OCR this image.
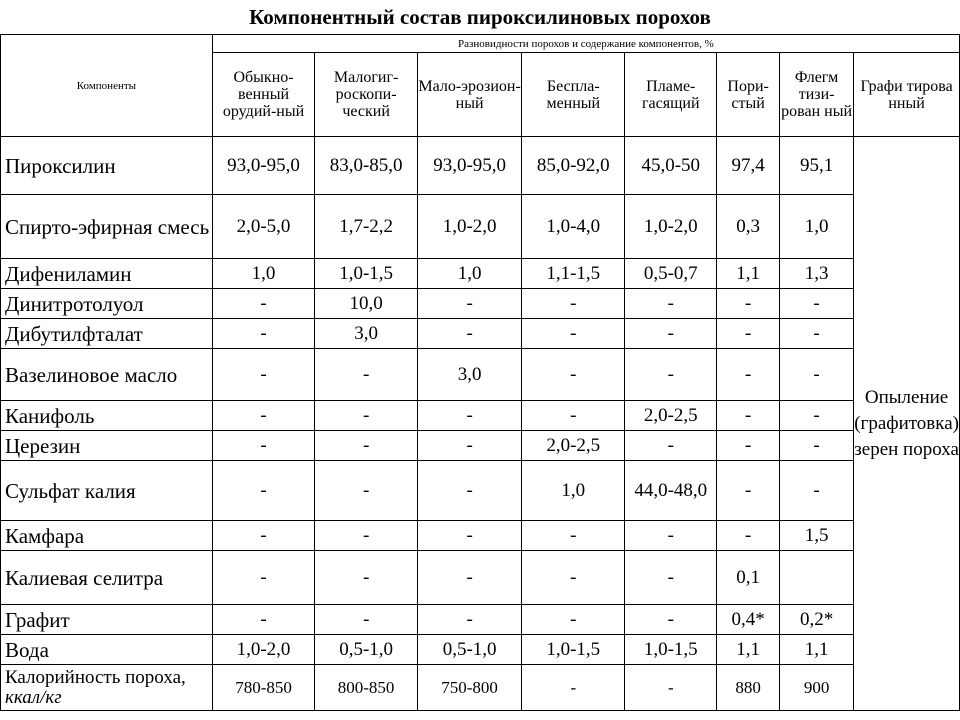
Компонентный состав пироксилиновых порохов
Компоненты	Разновидности порохов и содержание компонентов, %							
	Обыкно-венный орудий-ный	Малогиг-роскопи-ческий	Мало-эрозион-ный	Беспла-менный	Пламе-гасящий	Пори-стый	Флегм тизи-рован ный	Графи тирова нный
Пироксилин	93,0-95,0	83,0-85,0	93,0-95,0	85,0-92,0	45,0-50	97,4	95,1	Опыление (графитовка) зерен пороха
Спирто-эфирная смесь	2,0-5,0	1,7-2,2	1,0-2,0	1,0-4,0	1,0-2,0	0,3	1,0	
Дифениламин	1,0	1,0-1,5	1,0	1,1-1,5	0,5-0,7	1,1	1,3	
Динитротолуол	-	10,0	-	-	-	-	-	
Дибутилфталат	-	3,0	-	-	-	-	-	
Вазелиновое масло	-	-	3,0	-	-	-	-	
Канифоль	-	-	-	-	2,0-2,5	-	-	
Церезин	-	-	-	2,0-2,5	-	-	-	
Сульфат калия	-	-	-	1,0	44,0-48,0	-	-	
Камфара	-	-	-	-	-	-	1,5	
Калиевая селитра	-	-	-	-	-	0,1		
Графит	-	-	-	-	-	0,4*	0,2*	
Вода	1,0-2,0	0,5-1,0	0,5-1,0	1,0-1,5	1,0-1,5	1,1	1,1	
Калорийность пороха, ккал/кг	780-850	800-850	750-800	-	-	880	900	
